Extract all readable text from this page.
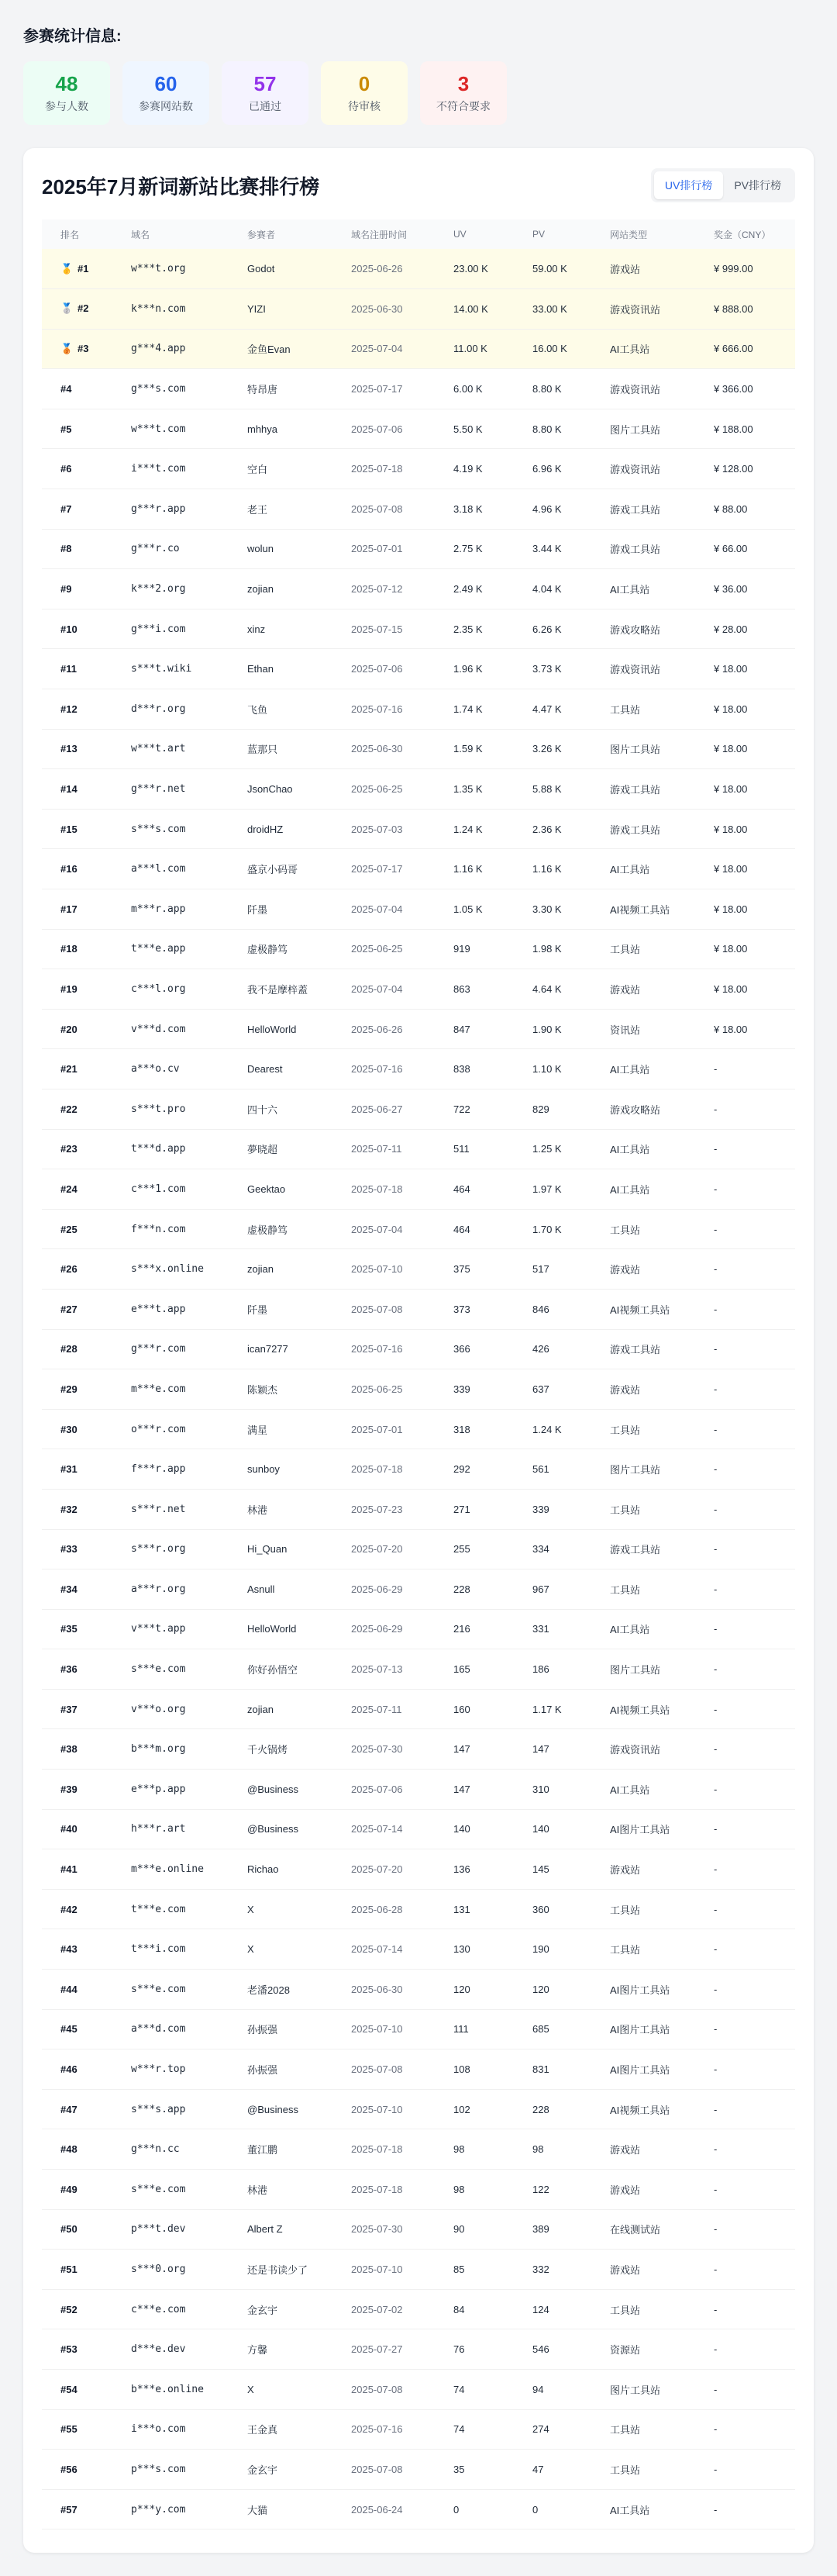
参赛统计信息:
48
参与人数
60
参赛网站数
57
已通过
0
待审核
3
不符合要求
2025年7月新词新站比赛排行榜	UV排行榜	PV排行榜
排名	域名	参赛者	域名注册时间	UV	PV	网站类型	奖金（CNY）
🥇 #1	w***t.org	Godot	2025-06-26	23.00 K	59.00 K	游戏站	¥ 999.00
🥈 #2	k***n.com	YIZI	2025-06-30	14.00 K	33.00 K	游戏资讯站	¥ 888.00
🥉 #3	g***4.app	金鱼Evan	2025-07-04	11.00 K	16.00 K	AI工具站	¥ 666.00
#4	g***s.com	特昂唐	2025-07-17	6.00 K	8.80 K	游戏资讯站	¥ 366.00
#5	w***t.com	mhhya	2025-07-06	5.50 K	8.80 K	图片工具站	¥ 188.00
#6	i***t.com	空白	2025-07-18	4.19 K	6.96 K	游戏资讯站	¥ 128.00
#7	g***r.app	老王	2025-07-08	3.18 K	4.96 K	游戏工具站	¥ 88.00
#8	g***r.co	wolun	2025-07-01	2.75 K	3.44 K	游戏工具站	¥ 66.00
#9	k***2.org	zojian	2025-07-12	2.49 K	4.04 K	AI工具站	¥ 36.00
#10	g***i.com	xinz	2025-07-15	2.35 K	6.26 K	游戏攻略站	¥ 28.00
#11	s***t.wiki	Ethan	2025-07-06	1.96 K	3.73 K	游戏资讯站	¥ 18.00
#12	d***r.org	飞鱼	2025-07-16	1.74 K	4.47 K	工具站	¥ 18.00
#13	w***t.art	蓝那只	2025-06-30	1.59 K	3.26 K	图片工具站	¥ 18.00
#14	g***r.net	JsonChao	2025-06-25	1.35 K	5.88 K	游戏工具站	¥ 18.00
#15	s***s.com	droidHZ	2025-07-03	1.24 K	2.36 K	游戏工具站	¥ 18.00
#16	a***l.com	盛京小码哥	2025-07-17	1.16 K	1.16 K	AI工具站	¥ 18.00
#17	m***r.app	阡墨	2025-07-04	1.05 K	3.30 K	AI视频工具站	¥ 18.00
#18	t***e.app	虚极静笃	2025-06-25	919	1.98 K	工具站	¥ 18.00
#19	c***l.org	我不是摩梓蓋	2025-07-04	863	4.64 K	游戏站	¥ 18.00
#20	v***d.com	HelloWorld	2025-06-26	847	1.90 K	资讯站	¥ 18.00
#21	a***o.cv	Dearest	2025-07-16	838	1.10 K	AI工具站	-
#22	s***t.pro	四十六	2025-06-27	722	829	游戏攻略站	-
#23	t***d.app	夢晓超	2025-07-11	511	1.25 K	AI工具站	-
#24	c***1.com	Geektao	2025-07-18	464	1.97 K	AI工具站	-
#25	f***n.com	虚极静笃	2025-07-04	464	1.70 K	工具站	-
#26	s***x.online	zojian	2025-07-10	375	517	游戏站	-
#27	e***t.app	阡墨	2025-07-08	373	846	AI视频工具站	-
#28	g***r.com	ican7277	2025-07-16	366	426	游戏工具站	-
#29	m***e.com	陈颖杰	2025-06-25	339	637	游戏站	-
#30	o***r.com	满星	2025-07-01	318	1.24 K	工具站	-
#31	f***r.app	sunboy	2025-07-18	292	561	图片工具站	-
#32	s***r.net	林港	2025-07-23	271	339	工具站	-
#33	s***r.org	Hi_Quan	2025-07-20	255	334	游戏工具站	-
#34	a***r.org	Asnull	2025-06-29	228	967	工具站	-
#35	v***t.app	HelloWorld	2025-06-29	216	331	AI工具站	-
#36	s***e.com	你好孙悟空	2025-07-13	165	186	图片工具站	-
#37	v***o.org	zojian	2025-07-11	160	1.17 K	AI视频工具站	-
#38	b***m.org	千火锅烤	2025-07-30	147	147	游戏资讯站	-
#39	e***p.app	@Business	2025-07-06	147	310	AI工具站	-
#40	h***r.art	@Business	2025-07-14	140	140	AI图片工具站	-
#41	m***e.online	Richao	2025-07-20	136	145	游戏站	-
#42	t***e.com	X	2025-06-28	131	360	工具站	-
#43	t***i.com	X	2025-07-14	130	190	工具站	-
#44	s***e.com	老潘2028	2025-06-30	120	120	AI图片工具站	-
#45	a***d.com	孙振强	2025-07-10	111	685	AI图片工具站	-
#46	w***r.top	孙振强	2025-07-08	108	831	AI图片工具站	-
#47	s***s.app	@Business	2025-07-10	102	228	AI视频工具站	-
#48	g***n.cc	董江鹏	2025-07-18	98	98	游戏站	-
#49	s***e.com	林港	2025-07-18	98	122	游戏站	-
#50	p***t.dev	Albert Z	2025-07-30	90	389	在线测试站	-
#51	s***0.org	还是书读少了	2025-07-10	85	332	游戏站	-
#52	c***e.com	金玄宇	2025-07-02	84	124	工具站	-
#53	d***e.dev	方馨	2025-07-27	76	546	资源站	-
#54	b***e.online	X	2025-07-08	74	94	图片工具站	-
#55	i***o.com	王金真	2025-07-16	74	274	工具站	-
#56	p***s.com	金玄宇	2025-07-08	35	47	工具站	-
#57	p***y.com	大猫	2025-06-24	0	0	AI工具站	-
